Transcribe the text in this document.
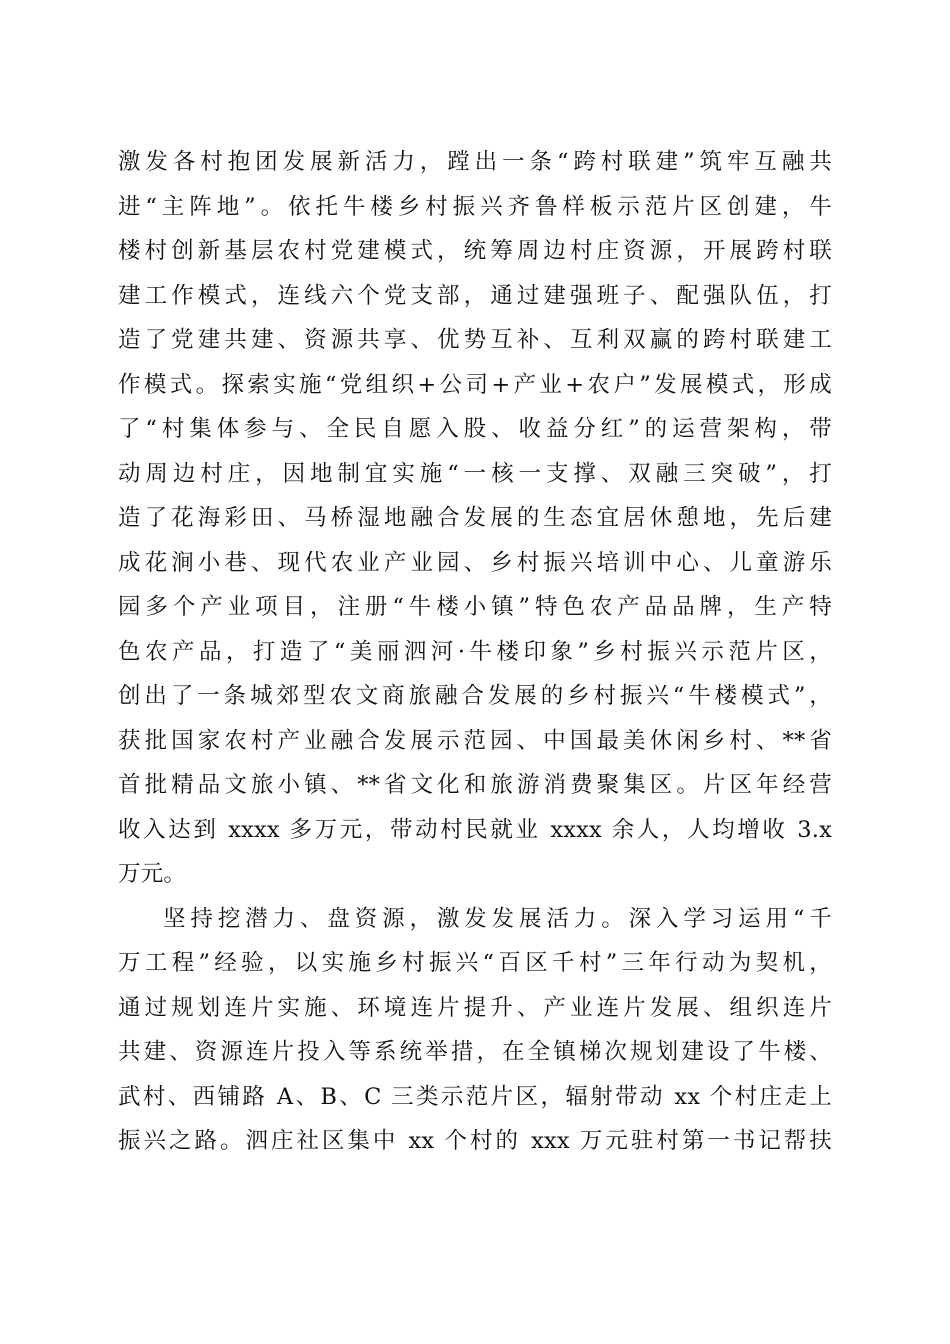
激发各村抱团发展新活力，蹚出一条“跨村联建”筑牢互融共
进“主阵地”。依托牛楼乡村振兴齐鲁样板示范片区创建，牛
楼村创新基层农村党建模式，统筹周边村庄资源，开展跨村联
建工作模式，连线六个党支部，通过建强班子、配强队伍，打
造了党建共建、资源共享、优势互补、互利双赢的跨村联建工
作模式。探索实施“党组织+公司+产业+农户”发展模式，形成
了“村集体参与、全民自愿入股、收益分红”的运营架构，带
动周边村庄，因地制宜实施“一核一支撑、双融三突破”，打
造了花海彩田、马桥湿地融合发展的生态宜居休憩地，先后建
成花涧小巷、现代农业产业园、乡村振兴培训中心、儿童游乐
园多个产业项目，注册“牛楼小镇”特色农产品品牌，生产特
色农产品，打造了“美丽泗河·牛楼印象”乡村振兴示范片区，
创出了一条城郊型农文商旅融合发展的乡村振兴“牛楼模式”，
获批国家农村产业融合发展示范园、中国最美休闲乡村、**省
首批精品文旅小镇、**省文化和旅游消费聚集区。片区年经营
收入达到 xxxx 多万元，带动村民就业 xxxx 余人，人均增收 3.x
万元。
坚持挖潜力、盘资源，激发发展活力。深入学习运用“千
万工程”经验，以实施乡村振兴“百区千村”三年行动为契机，
通过规划连片实施、环境连片提升、产业连片发展、组织连片
共建、资源连片投入等系统举措，在全镇梯次规划建设了牛楼、
武村、西铺路 A、B、C 三类示范片区，辐射带动 xx 个村庄走上
振兴之路。泗庄社区集中 xx 个村的 xxx 万元驻村第一书记帮扶
